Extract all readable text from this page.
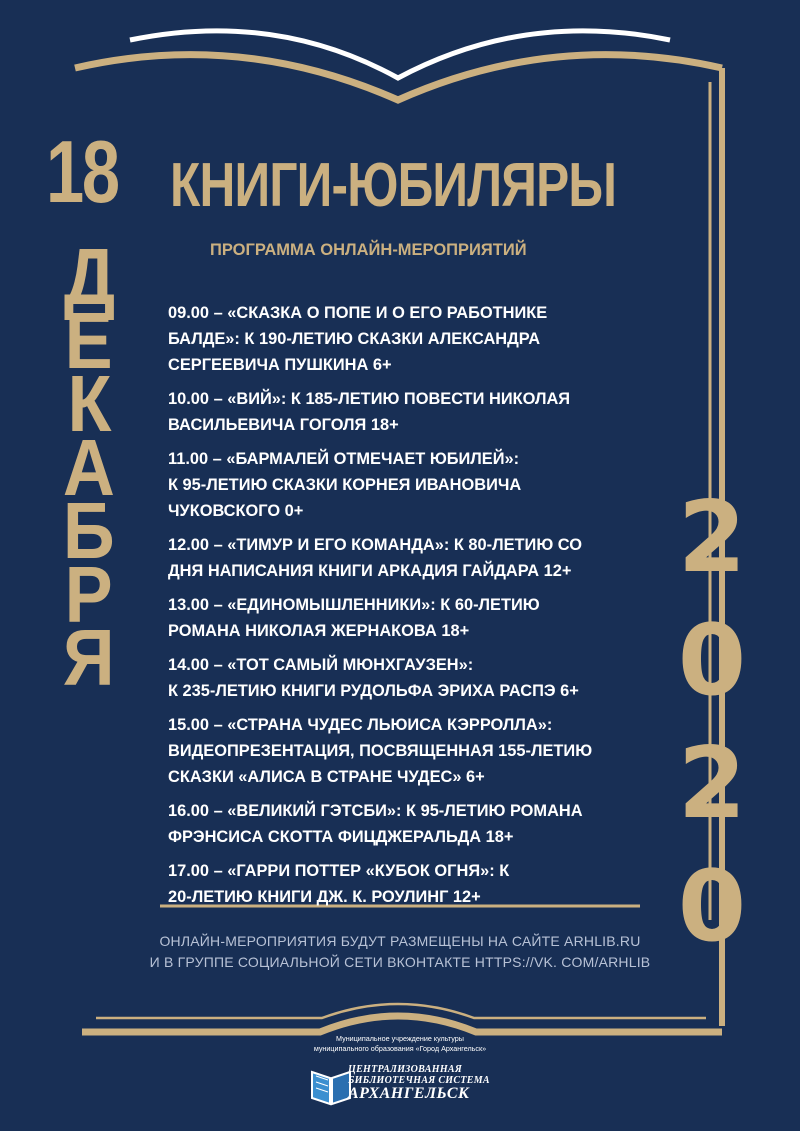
18
Д
Е
К
А
Б
Р
Я
2
0
2
0
КНИГИ-ЮБИЛЯРЫ
ПРОГРАММА ОНЛАЙН-МЕРОПРИЯТИЙ
09.00 – «СКАЗКА О ПОПЕ И О ЕГО РАБОТНИКЕ
БАЛДЕ»: К 190-ЛЕТИЮ СКАЗКИ АЛЕКСАНДРА
СЕРГЕЕВИЧА ПУШКИНА 6+
10.00 – «ВИЙ»: К 185-ЛЕТИЮ ПОВЕСТИ НИКОЛАЯ
ВАСИЛЬЕВИЧА ГОГОЛЯ 18+
11.00 – «БАРМАЛЕЙ ОТМЕЧАЕТ ЮБИЛЕЙ»:
К 95-ЛЕТИЮ СКАЗКИ КОРНЕЯ ИВАНОВИЧА
ЧУКОВСКОГО 0+
12.00 – «ТИМУР И ЕГО КОМАНДА»: К 80-ЛЕТИЮ СО
ДНЯ НАПИСАНИЯ КНИГИ АРКАДИЯ ГАЙДАРА 12+
13.00 – «ЕДИНОМЫШЛЕННИКИ»: К 60-ЛЕТИЮ
РОМАНА НИКОЛАЯ ЖЕРНАКОВА 18+
14.00 – «ТОТ САМЫЙ МЮНХГАУЗЕН»:
К 235-ЛЕТИЮ КНИГИ РУДОЛЬФА ЭРИХА РАСПЭ 6+
15.00 – «СТРАНА ЧУДЕС ЛЬЮИСА КЭРРОЛЛА»:
ВИДЕОПРЕЗЕНТАЦИЯ, ПОСВЯЩЕННАЯ 155-ЛЕТИЮ
СКАЗКИ «АЛИСА В СТРАНЕ ЧУДЕС» 6+
16.00 – «ВЕЛИКИЙ ГЭТСБИ»: К 95-ЛЕТИЮ РОМАНА
ФРЭНСИСА СКОТТА ФИЦДЖЕРАЛЬДА 18+
17.00 – «ГАРРИ ПОТТЕР «КУБОК ОГНЯ»: К
20-ЛЕТИЮ КНИГИ ДЖ. К. РОУЛИНГ 12+
ОНЛАЙН-МЕРОПРИЯТИЯ БУДУТ РАЗМЕЩЕНЫ НА САЙТЕ ARHLIB.RU
И В ГРУППЕ СОЦИАЛЬНОЙ СЕТИ ВКОНТАКТЕ HTTPS://VK. COM/ARHLIB
Муниципальное учреждение культуры
муниципального образования «Город Архангельск»
ЦЕНТРАЛИЗОВАННАЯ
БИБЛИОТЕЧНАЯ СИСТЕМА
АРХАНГЕЛЬСК
